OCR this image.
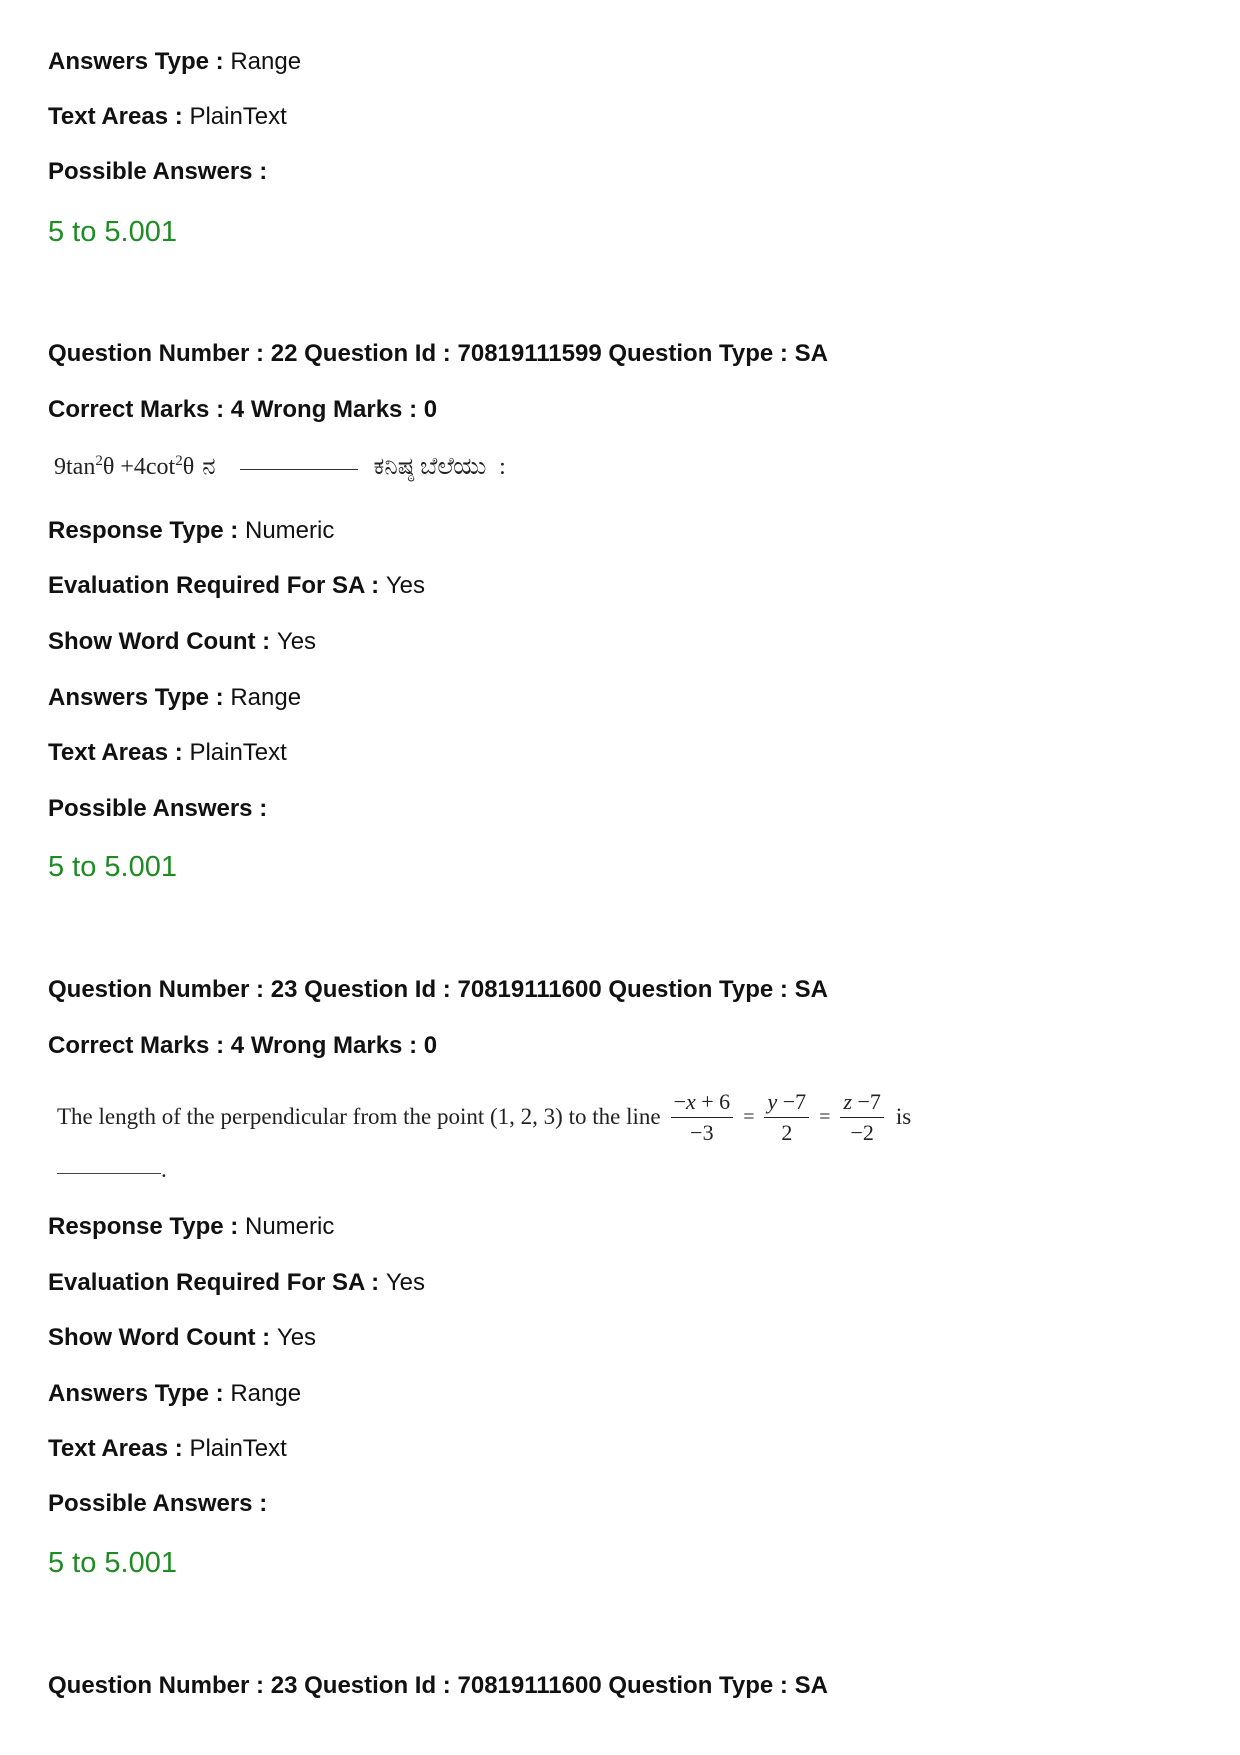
Answers Type : Range
Text Areas : PlainText
Possible Answers :
5 to 5.001
Question Number : 22 Question Id : 70819111599 Question Type : SA
Correct Marks : 4 Wrong Marks : 0
$9\tan^2\theta +4\cot^2\theta$ ನ	ಕನಿಷ್ಠ ಬೆಲೆಯು :
Response Type : Numeric
Evaluation Required For SA : Yes
Show Word Count : Yes
Answers Type : Range
Text Areas : PlainText
Possible Answers :
5 to 5.001
Question Number : 23 Question Id : 70819111600 Question Type : SA
Correct Marks : 4 Wrong Marks : 0
The length of the perpendicular from the point (1, 2, 3) to the line $\frac{-x + 6}{-3} = \frac{y -7}{2} = \frac{z -7}{-2}$ is
.
Response Type : Numeric
Evaluation Required For SA : Yes
Show Word Count : Yes
Answers Type : Range
Text Areas : PlainText
Possible Answers :
5 to 5.001
Question Number : 23 Question Id : 70819111600 Question Type : SA
